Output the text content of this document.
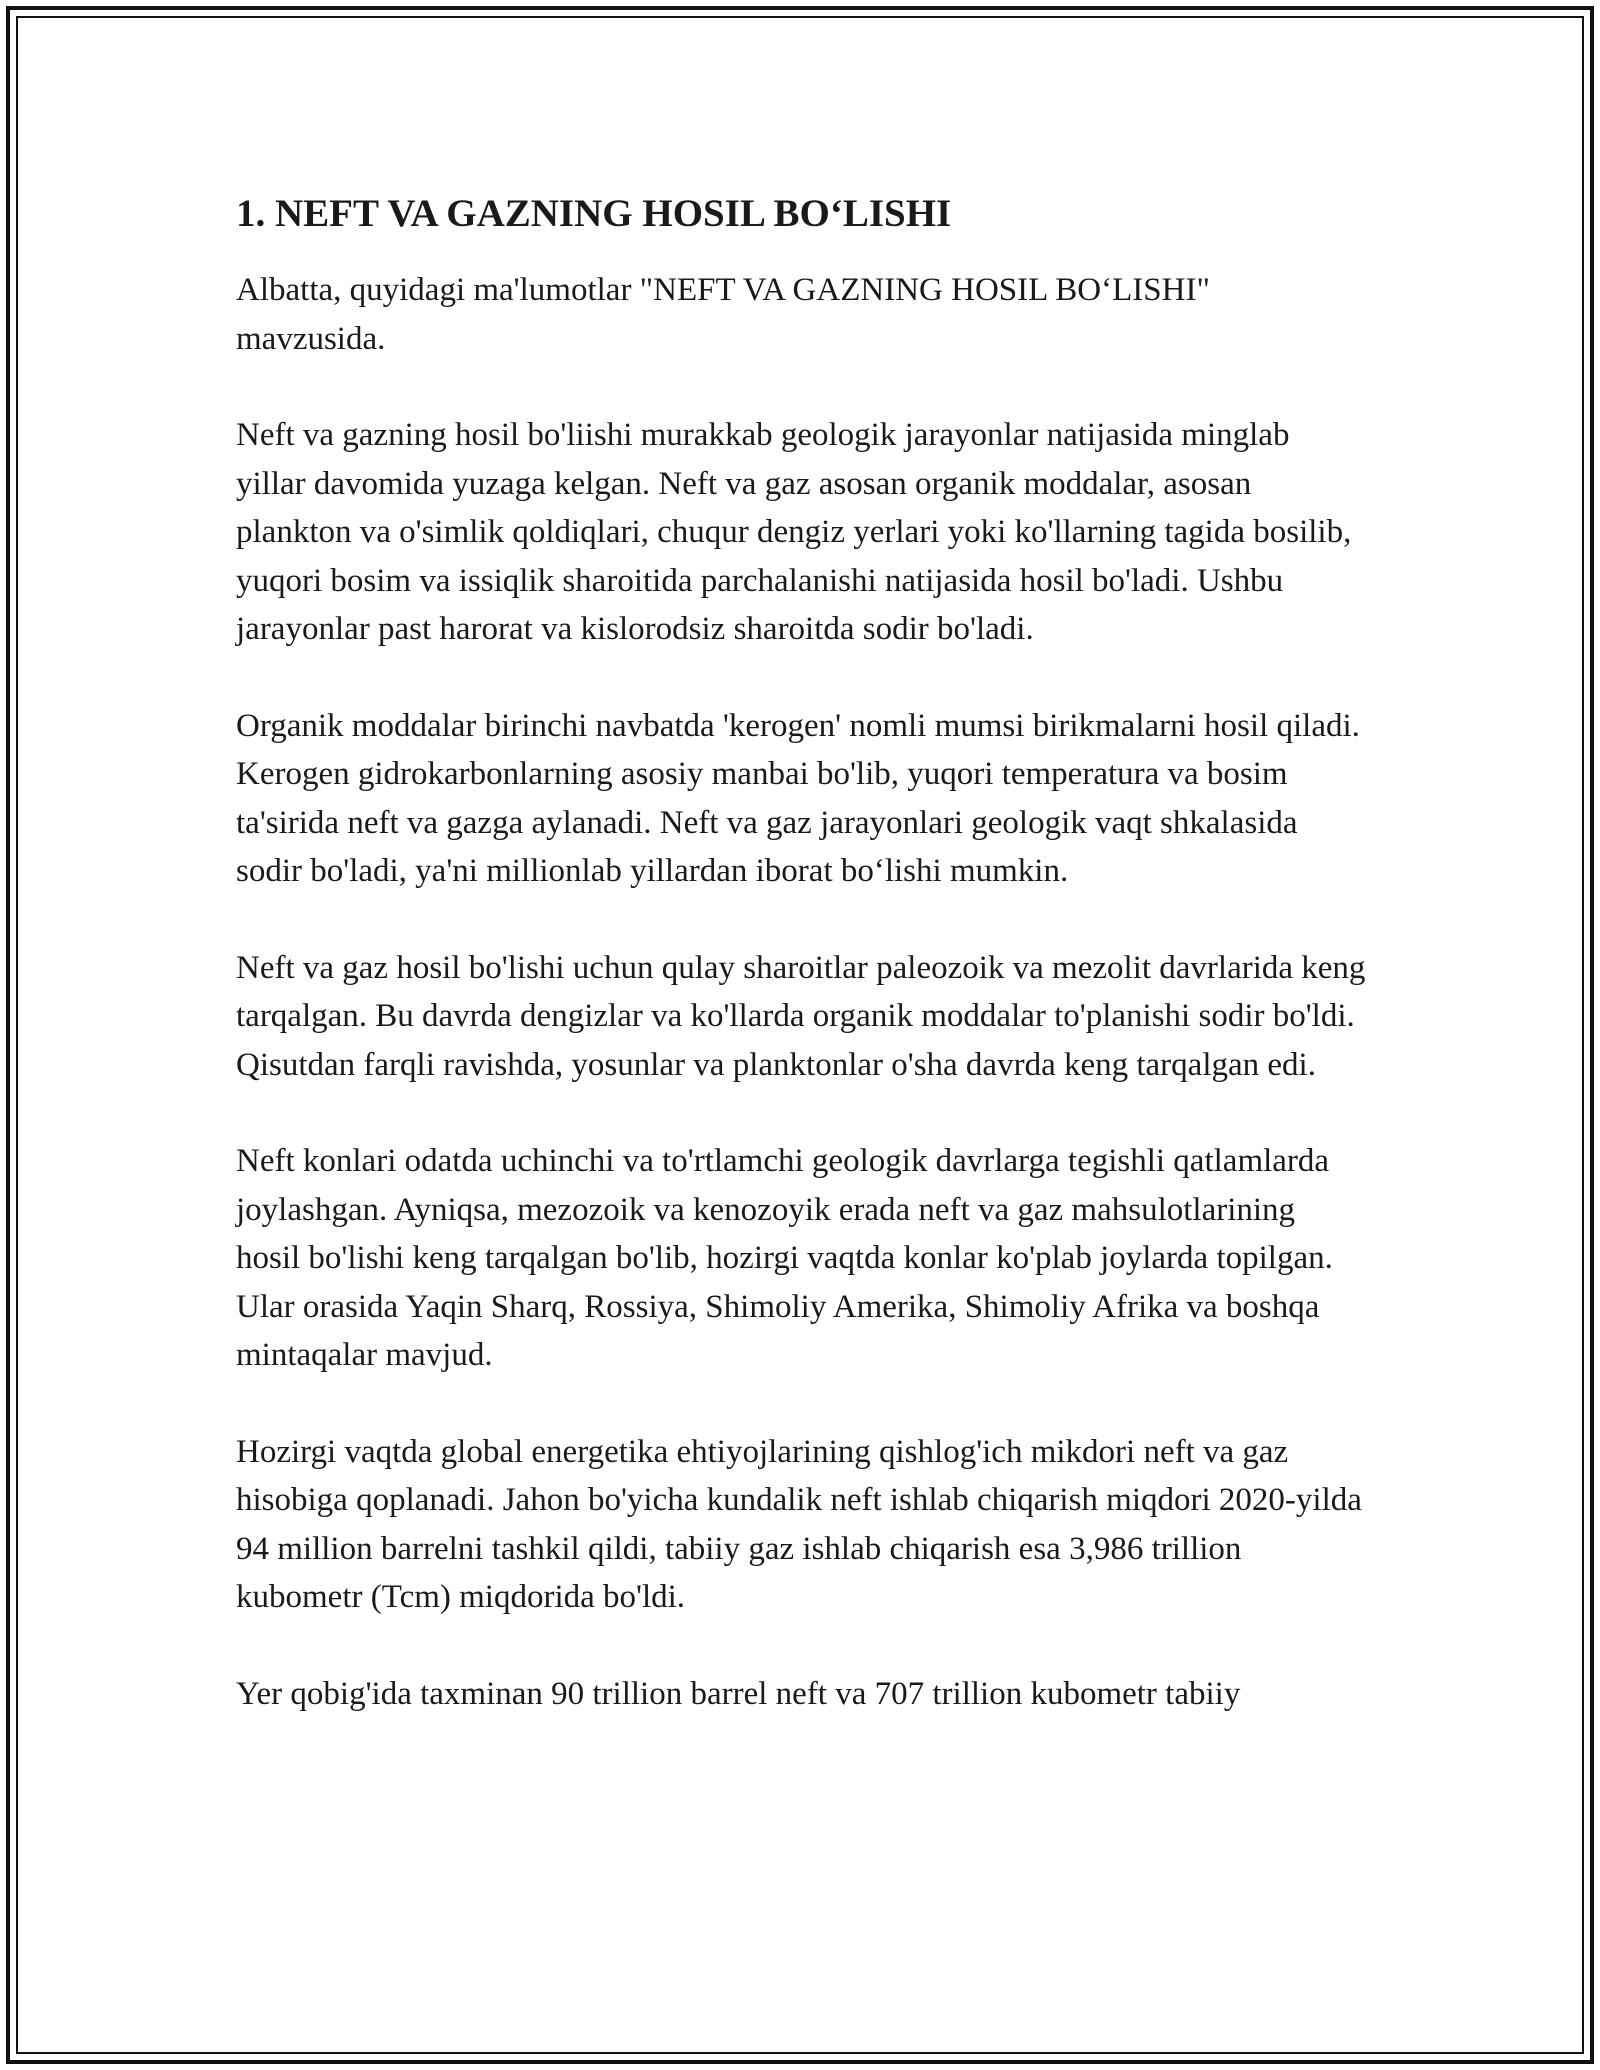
1. NEFT VA GAZNING HOSIL BO‘LISHI

Albatta, quyidagi ma'lumotlar "NEFT VA GAZNING HOSIL BO‘LISHI" mavzusida.

Neft va gazning hosil bo'liishi murakkab geologik jarayonlar natijasida minglab yillar davomida yuzaga kelgan. Neft va gaz asosan organik moddalar, asosan plankton va o'simlik qoldiqlari, chuqur dengiz yerlari yoki ko'llarning tagida bosilib, yuqori bosim va issiqlik sharoitida parchalanishi natijasida hosil bo'ladi. Ushbu jarayonlar past harorat va kislorodsiz sharoitda sodir bo'ladi.

Organik moddalar birinchi navbatda 'kerogen' nomli mumsi birikmalarni hosil qiladi. Kerogen gidrokarbonlarning asosiy manbai bo'lib, yuqori temperatura va bosim ta'sirida neft va gazga aylanadi. Neft va gaz jarayonlari geologik vaqt shkalasida sodir bo'ladi, ya'ni millionlab yillardan iborat bo‘lishi mumkin.

Neft va gaz hosil bo'lishi uchun qulay sharoitlar paleozoik va mezolit davrlarida keng tarqalgan. Bu davrda dengizlar va ko'llarda organik moddalar to'planishi sodir bo'ldi. Qisutdan farqli ravishda, yosunlar va planktonlar o'sha davrda keng tarqalgan edi.

Neft konlari odatda uchinchi va to'rtlamchi geologik davrlarga tegishli qatlamlarda joylashgan. Ayniqsa, mezozoik va kenozoyik erada neft va gaz mahsulotlarining hosil bo'lishi keng tarqalgan bo'lib, hozirgi vaqtda konlar ko'plab joylarda topilgan. Ular orasida Yaqin Sharq, Rossiya, Shimoliy Amerika, Shimoliy Afrika va boshqa mintaqalar mavjud.

Hozirgi vaqtda global energetika ehtiyojlarining qishlog'ich mikdori neft va gaz hisobiga qoplanadi. Jahon bo'yicha kundalik neft ishlab chiqarish miqdori 2020-yilda 94 million barrelni tashkil qildi, tabiiy gaz ishlab chiqarish esa 3,986 trillion kubometr (Tcm) miqdorida bo'ldi.

Yer qobig'ida taxminan 90 trillion barrel neft va 707 trillion kubometr tabiiy
